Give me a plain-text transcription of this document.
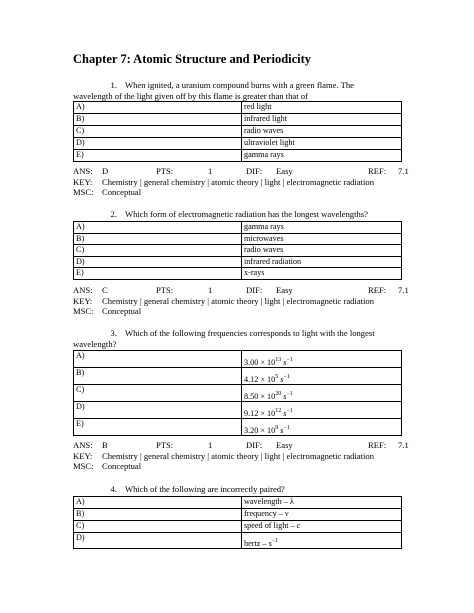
Chapter 7: Atomic Structure and Periodicity
1. When ignited, a uranium compound burns with a green flame. The
wavelength of the light given off by this flame is greater than that of
A)	red light
B)	infrared light
C)	radio waves
D)	ultraviolet light
E)	gamma rays
ANS: D	PTS:	1	DIF: Easy	REF: 7.1
KEY: Chemistry | general chemistry | atomic theory | light | electromagnetic radiation
MSC: Conceptual
2. Which form of electromagnetic radiation has the longest wavelengths?
A)	gamma rays
B)	microwaves
C)	radio waves
D)	infrared radiation
E)	x-rays
ANS: C	PTS:	1	DIF: Easy	REF: 7.1
KEY: Chemistry | general chemistry | atomic theory | light | electromagnetic radiation
MSC: Conceptual
3. Which of the following frequencies corresponds to light with the longest
wavelength?
A)	$3.00 \times 10^{13}$ $s^{-1}$
B)	$4.12 \times 10^5$ $s^{-1}$
C)	$8.50 \times 10^{20}$ $s^{-1}$
D)	$9.12 \times 10^{12}$ $s^{-1}$
E)	$3.20 \times 10^9$ $s^{-1}$
ANS: B	PTS:	1	DIF: Easy	REF: 7.1
KEY: Chemistry | general chemistry | atomic theory | light | electromagnetic radiation
MSC: Conceptual
4. Which of the following are incorrectly paired?
A)	wavelength – λ
B)	frequency – ν
C)	speed of light – c
D)	hertz – $s^{-1}$
